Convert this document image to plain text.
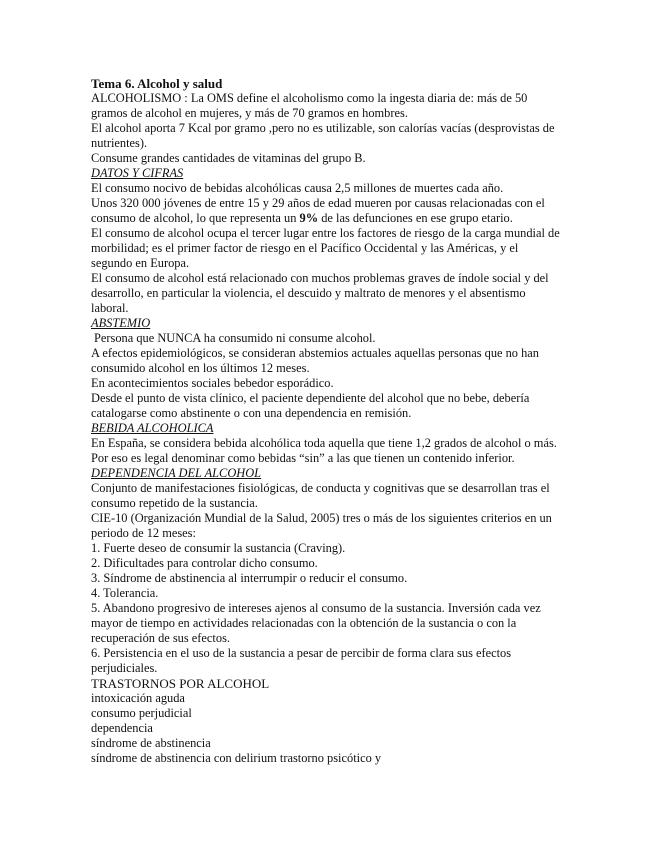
Tema 6. Alcohol y salud

ALCOHOLISMO : La OMS define el alcoholismo como la ingesta diaria de: más de 50 gramos de alcohol en mujeres, y más de 70 gramos en hombres.

El alcohol aporta 7 Kcal por gramo ,pero no es utilizable, son calorías vacías (desprovistas de nutrientes).

Consume grandes cantidades de vitaminas del grupo B.

DATOS Y CIFRAS

El consumo nocivo de bebidas alcohólicas causa 2,5 millones de muertes cada año.

Unos 320 000 jóvenes de entre 15 y 29 años de edad mueren por causas relacionadas con el consumo de alcohol, lo que representa un 9% de las defunciones en ese grupo etario.

El consumo de alcohol ocupa el tercer lugar entre los factores de riesgo de la carga mundial de morbilidad; es el primer factor de riesgo en el Pacífico Occidental y las Américas, y el segundo en Europa.

El consumo de alcohol está relacionado con muchos problemas graves de índole social y del desarrollo, en particular la violencia, el descuido y maltrato de menores y el absentismo laboral.

ABSTEMIO

Persona que NUNCA ha consumido ni consume alcohol.

A efectos epidemiológicos, se consideran abstemios actuales aquellas personas que no han consumido alcohol en los últimos 12 meses.

En acontecimientos sociales bebedor esporádico.

Desde el punto de vista clínico, el paciente dependiente del alcohol que no bebe, debería catalogarse como abstinente o con una dependencia en remisión.

BEBIDA ALCOHOLICA

En España, se considera bebida alcohólica toda aquella que tiene 1,2 grados de alcohol o más.

Por eso es legal denominar como bebidas “sin” a las que tienen un contenido inferior.

DEPENDENCIA DEL ALCOHOL

Conjunto de manifestaciones fisiológicas, de conducta y cognitivas que se desarrollan tras el consumo repetido de la sustancia.

CIE-10 (Organización Mundial de la Salud, 2005) tres o más de los siguientes criterios en un periodo de 12 meses:

1. Fuerte deseo de consumir la sustancia (Craving).

2. Dificultades para controlar dicho consumo.

3. Síndrome de abstinencia al interrumpir o reducir el consumo.

4. Tolerancia.

5. Abandono progresivo de intereses ajenos al consumo de la sustancia. Inversión cada vez mayor de tiempo en actividades relacionadas con la obtención de la sustancia o con la recuperación de sus efectos.

6. Persistencia en el uso de la sustancia a pesar de percibir de forma clara sus efectos perjudiciales.

TRASTORNOS POR ALCOHOL

intoxicación aguda

consumo perjudicial

dependencia

síndrome de abstinencia

síndrome de abstinencia con delirium trastorno psicótico y
